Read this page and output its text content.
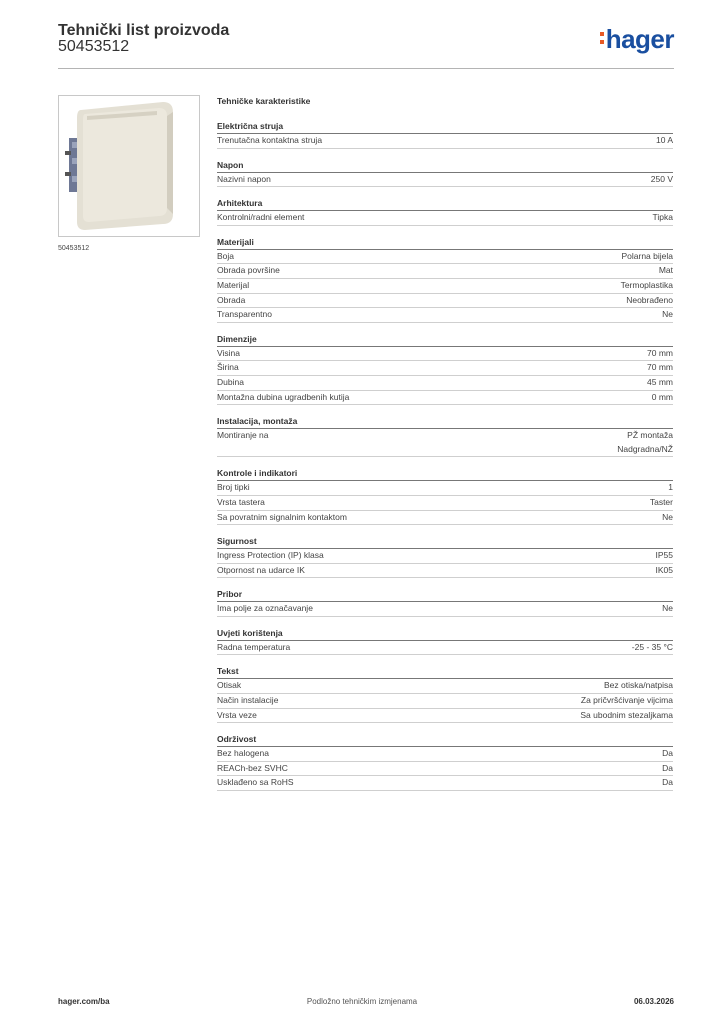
Tehnički list proizvoda
50453512	hager
50453512
Tehničke karakteristike
Električna struja
Trenutačna kontaktna struja	10 A
Napon
Nazivni napon	250 V
Arhitektura
Kontrolni/radni element	Tipka
Materijali
Boja	Polarna bijela
Obrada površine	Mat
Materijal	Termoplastika
Obrada	Neobrađeno
Transparentno	Ne
Dimenzije
Visina	70 mm
Širina	70 mm
Dubina	45 mm
Montažna dubina ugradbenih kutija	0 mm
Instalacija, montaža
Montiranje na	PŽ montaža
Nadgradna/NŽ
Kontrole i indikatori
Broj tipki	1
Vrsta tastera	Taster
Sa povratnim signalnim kontaktom	Ne
Sigurnost
Ingress Protection (IP) klasa	IP55
Otpornost na udarce IK	IK05
Pribor
Ima polje za označavanje	Ne
Uvjeti korištenja
Radna temperatura	-25 - 35 °C
Tekst
Otisak	Bez otiska/natpisa
Način instalacije	Za pričvršćivanje vijcima
Vrsta veze	Sa ubodnim stezaljkama
Održivost
Bez halogena	Da
REACh-bez SVHC	Da
Usklađeno sa RoHS	Da
hager.com/ba	Podložno tehničkim izmjenama	06.03.2026
